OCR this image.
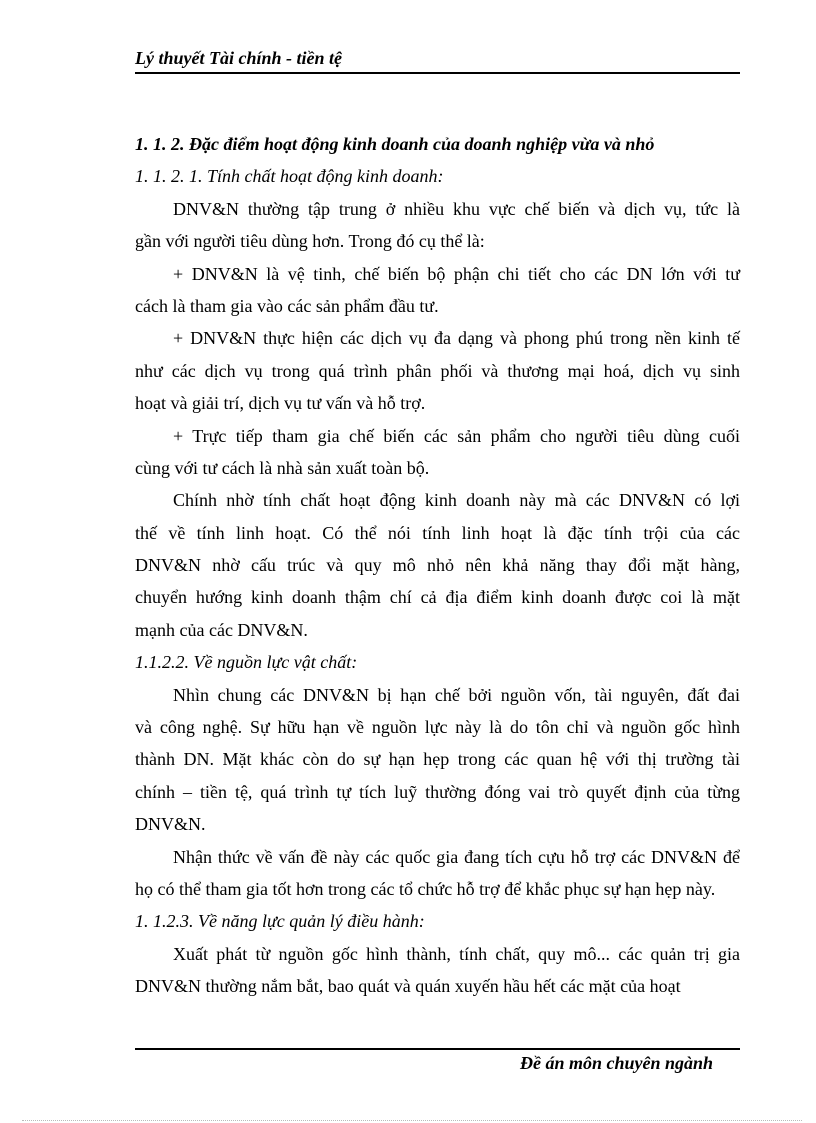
Lý thuyết Tài chính - tiền tệ
1. 1. 2. Đặc điểm hoạt động kinh doanh của doanh nghiệp vừa và nhỏ
1. 1. 2. 1. Tính chất hoạt động kinh doanh:
DNV&N thường tập trung ở nhiều khu vực chế biến và dịch vụ, tức là
gần với người tiêu dùng hơn. Trong đó cụ thể là:
+ DNV&N là vệ tinh, chế biến bộ phận chi tiết cho các DN lớn với tư
cách là tham gia vào các sản phẩm đầu tư.
+ DNV&N thực hiện các dịch vụ đa dạng và phong phú trong nền kinh tế
như các dịch vụ trong quá trình phân phối và thương mại hoá, dịch vụ sinh
hoạt và giải trí, dịch vụ tư vấn và hỗ trợ.
+ Trực tiếp tham gia chế biến các sản phẩm cho người tiêu dùng cuối
cùng với tư cách là nhà sản xuất toàn bộ.
Chính nhờ tính chất hoạt động kinh doanh này mà các DNV&N có lợi
thế về tính linh hoạt. Có thể nói tính linh hoạt là đặc tính trội của các
DNV&N nhờ cấu trúc và quy mô nhỏ nên khả năng thay đổi mặt hàng,
chuyển hướng kinh doanh thậm chí cả địa điểm kinh doanh được coi là mặt
mạnh của các DNV&N.
1.1.2.2. Về nguồn lực vật chất:
Nhìn chung các DNV&N bị hạn chế bởi nguồn vốn, tài nguyên, đất đai
và công nghệ. Sự hữu hạn về nguồn lực này là do tôn chỉ và nguồn gốc hình
thành DN. Mặt khác còn do sự hạn hẹp trong các quan hệ với thị trường tài
chính – tiền tệ, quá trình tự tích luỹ thường đóng vai trò quyết định của từng
DNV&N.
Nhận thức về vấn đề này các quốc gia đang tích cựu hỗ trợ các DNV&N để
họ có thể tham gia tốt hơn trong các tổ chức hỗ trợ để khắc phục sự hạn hẹp này.
1. 1.2.3. Về năng lực quản lý điều hành:
Xuất phát từ nguồn gốc hình thành, tính chất, quy mô... các quản trị gia
DNV&N thường nắm bắt, bao quát và quán xuyến hầu hết các mặt của hoạt
Đề án môn chuyên ngành
